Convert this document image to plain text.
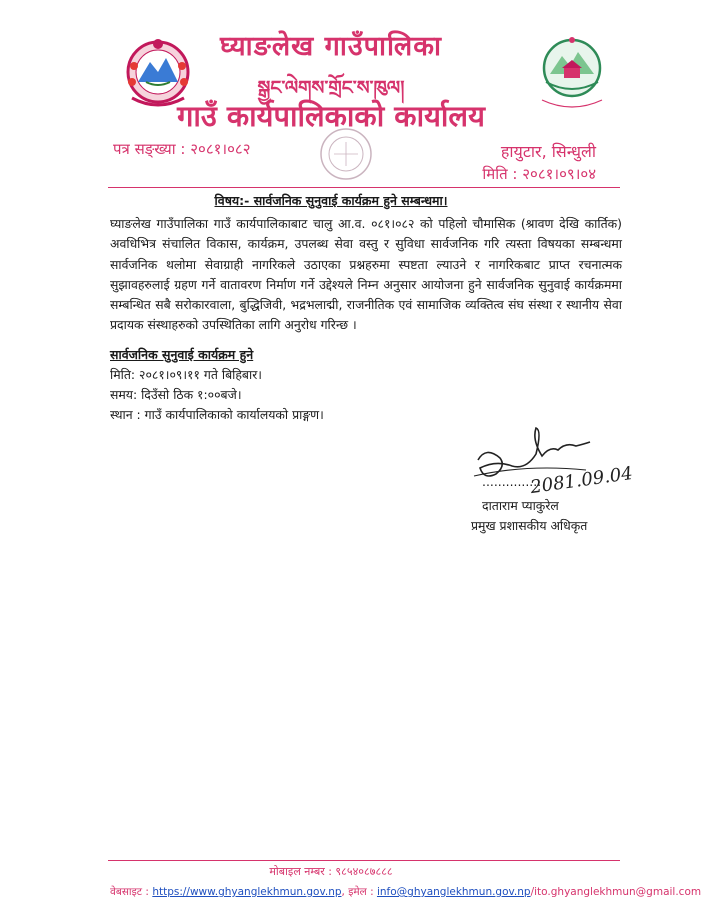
घ्याङलेख गाउँपालिका
སྒྱང་ལེགས་གྲོང་ས་ཁུལ།
गाउँ कार्यपालिकाको कार्यालय
पत्र सङ्ख्या : २०८१।०८२	हायुटार, सिन्धुली
मिति : २०८१।०९।०४
विषय:- सार्वजनिक सुनुवाई कार्यक्रम हुने सम्बन्धमा।
घ्याङलेख गाउँपालिका गाउँ कार्यपालिकाबाट चालु आ.व. ०८१।०८२ को पहिलो चौमासिक (श्रावण देखि कार्तिक) अवधिभित्र संचालित विकास, कार्यक्रम, उपलब्ध सेवा वस्तु र सुविधा सार्वजनिक गरि त्यस्ता विषयका सम्बन्धमा सार्वजनिक थलोमा सेवाग्राही नागरिकले उठाएका प्रश्नहरुमा स्पष्टता ल्याउने र नागरिकबाट प्राप्त रचनात्मक सुझावहरुलाई ग्रहण गर्ने वातावरण निर्माण गर्ने उद्देश्यले निम्न अनुसार आयोजना हुने सार्वजनिक सुनुवाई कार्यक्रममा सम्बन्धित सबै सरोकारवाला, बुद्धिजिवी, भद्रभलाद्मी, राजनीतिक एवं सामाजिक व्यक्तित्व संघ संस्था र स्थानीय सेवा प्रदायक संस्थाहरुको उपस्थितिका लागि अनुरोध गरिन्छ ।
सार्वजनिक सुनुवाई कार्यक्रम हुने
मिति: २०८१।०९।११ गते बिहिबार।
समय: दिउँसो ठिक १:००बजे।
स्थान : गाउँ कार्यपालिकाको कार्यालयको प्राङ्गण।
...............
2081.09.04
दाताराम प्याकुरेल
प्रमुख प्रशासकीय अधिकृत
मोबाइल नम्बर : ९८५४०८७८८८
वेबसाइट : https://www.ghyanglekhmun.gov.np, इमेल : info@ghyanglekhmun.gov.np/ito.ghyanglekhmun@gmail.com
